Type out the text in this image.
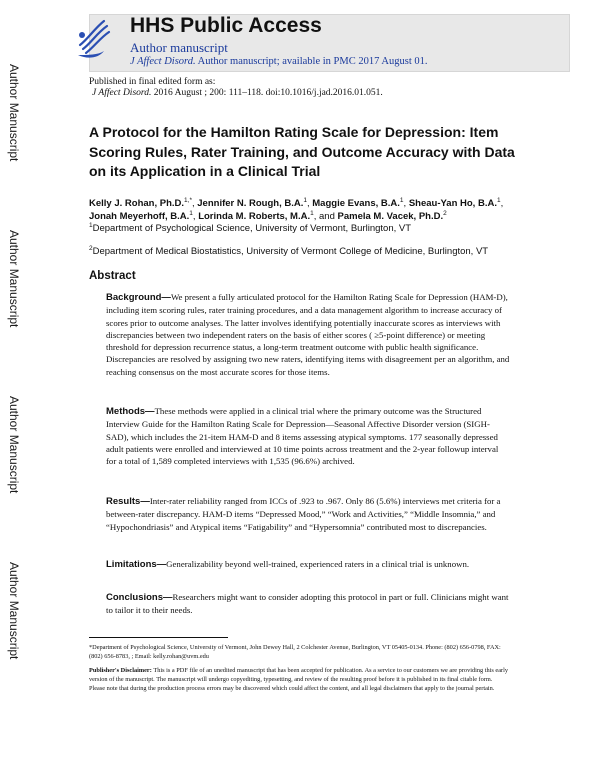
Author Manuscript
Author Manuscript
Author Manuscript
Author Manuscript
HHS Public Access
Author manuscript
J Affect Disord. Author manuscript; available in PMC 2017 August 01.
Published in final edited form as:
J Affect Disord. 2016 August ; 200: 111–118. doi:10.1016/j.jad.2016.01.051.
A Protocol for the Hamilton Rating Scale for Depression: Item Scoring Rules, Rater Training, and Outcome Accuracy with Data on its Application in a Clinical Trial
Kelly J. Rohan, Ph.D.$^{1,*}$, Jennifer N. Rough, B.A.$^1$, Maggie Evans, B.A.$^1$, Sheau-Yan Ho, B.A.$^1$, Jonah Meyerhoff, B.A.$^1$, Lorinda M. Roberts, M.A.$^1$, and Pamela M. Vacek, Ph.D.$^2$
$^1$Department of Psychological Science, University of Vermont, Burlington, VT
$^2$Department of Medical Biostatistics, University of Vermont College of Medicine, Burlington, VT
Abstract

Background—We present a fully articulated protocol for the Hamilton Rating Scale for Depression (HAM-D), including item scoring rules, rater training procedures, and a data management algorithm to increase accuracy of scores prior to outcome analyses. The latter involves identifying potentially inaccurate scores as interviews with discrepancies between two independent raters on the basis of either scores ( ≥5-point difference) or meeting threshold for depression recurrence status, a long-term treatment outcome with public health significance. Discrepancies are resolved by assigning two new raters, identifying items with disagreement per an algorithm, and reaching consensus on the most accurate scores for those items.

Methods—These methods were applied in a clinical trial where the primary outcome was the Structured Interview Guide for the Hamilton Rating Scale for Depression—Seasonal Affective Disorder version (SIGH-SAD), which includes the 21-item HAM-D and 8 items assessing atypical symptoms. 177 seasonally depressed adult patients were enrolled and interviewed at 10 time points across treatment and the 2-year followup interval for a total of 1,589 completed interviews with 1,535 (96.6%) archived.

Results—Inter-rater reliability ranged from ICCs of .923 to .967. Only 86 (5.6%) interviews met criteria for a between-rater discrepancy. HAM-D items “Depressed Mood,” “Work and Activities,” “Middle Insomnia,” and “Hypochondriasis” and Atypical items “Fatigability” and “Hypersomnia” contributed most to discrepancies.

Limitations—Generalizability beyond well-trained, experienced raters in a clinical trial is unknown.

Conclusions—Researchers might want to consider adopting this protocol in part or full. Clinicians might want to tailor it to their needs.

*Department of Psychological Science, University of Vermont, John Dewey Hall, 2 Colchester Avenue, Burlington, VT 05405-0134. Phone: (802) 656-0798, FAX: (802) 656-8783, ; Email: kelly.rohan@uvm.edu

Publisher's Disclaimer: This is a PDF file of an unedited manuscript that has been accepted for publication. As a service to our customers we are providing this early version of the manuscript. The manuscript will undergo copyediting, typesetting, and review of the resulting proof before it is published in its final citable form. Please note that during the production process errors may be discovered which could affect the content, and all legal disclaimers that apply to the journal pertain.
